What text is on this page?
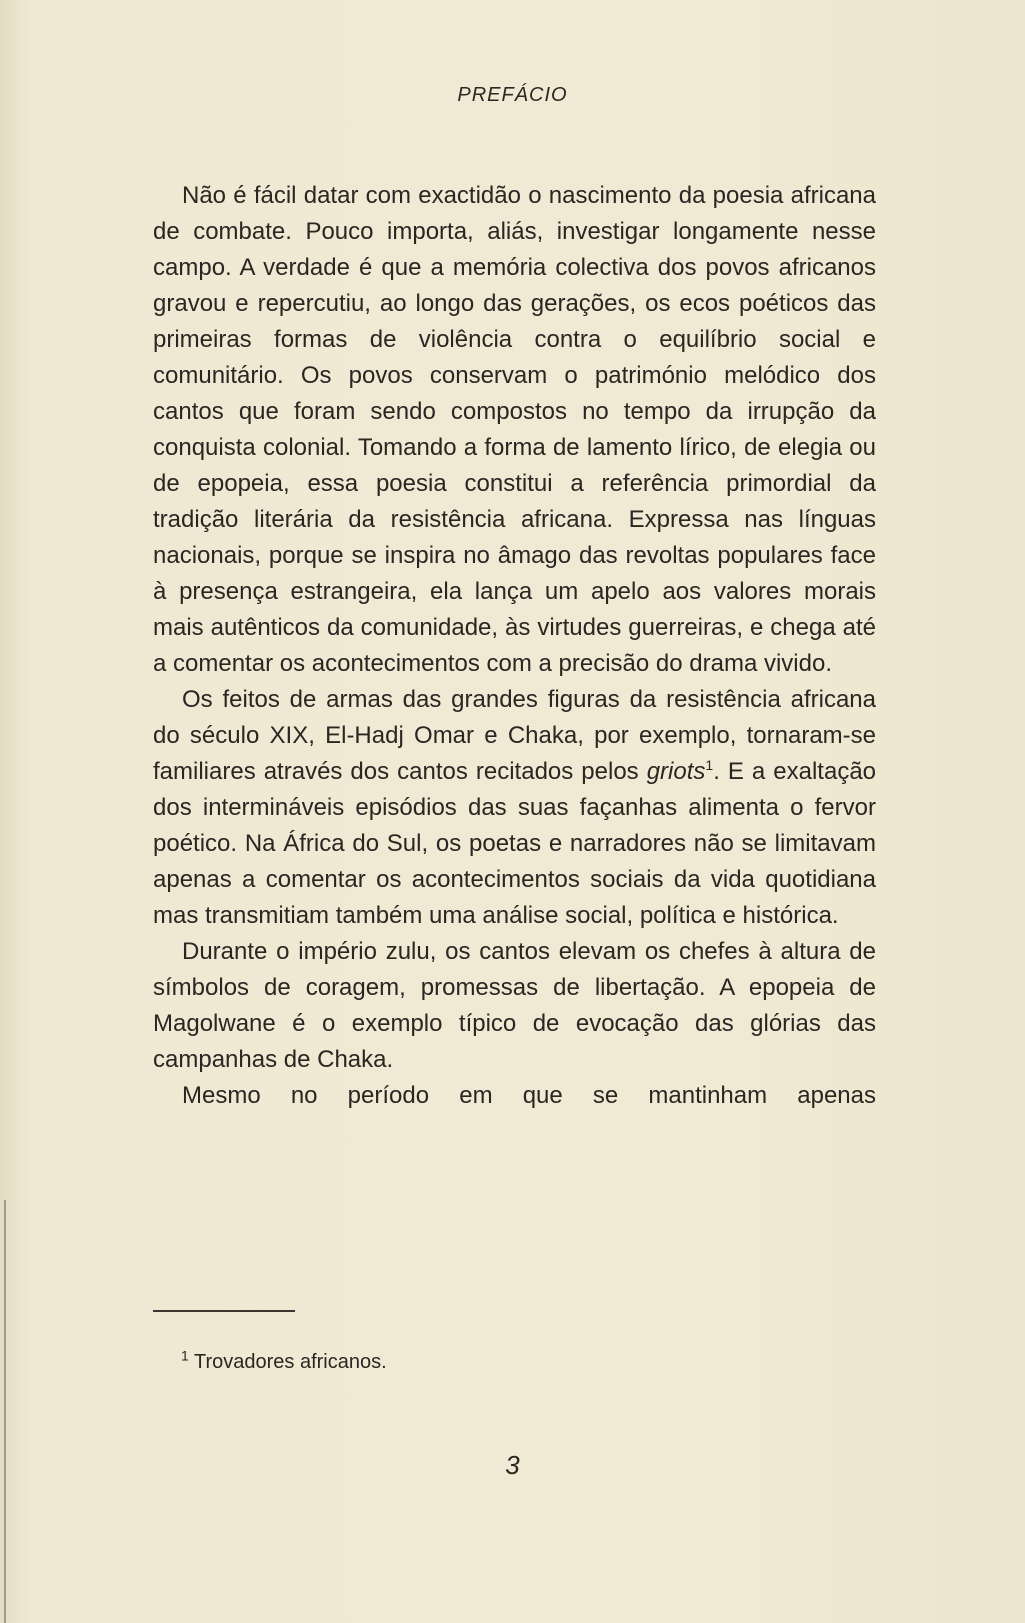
PREFÁCIO

Não é fácil datar com exactidão o nascimento da poesia africana de combate. Pouco importa, aliás, investigar longamente nesse campo. A verdade é que a memória colectiva dos povos africanos gravou e repercutiu, ao longo das gerações, os ecos poéticos das primeiras formas de violência contra o equilíbrio social e comunitário. Os povos conservam o património melódico dos cantos que foram sendo compostos no tempo da irrupção da conquista colonial. Tomando a forma de lamento lírico, de elegia ou de epopeia, essa poesia constitui a referência primordial da tradição literária da resistência africana. Expressa nas línguas nacionais, porque se inspira no âmago das revoltas populares face à presença estrangeira, ela lança um apelo aos valores morais mais autênticos da comunidade, às virtudes guerreiras, e chega até a comentar os acontecimentos com a precisão do drama vivido.

Os feitos de armas das grandes figuras da resistência africana do século XIX, El-Hadj Omar e Chaka, por exemplo, tornaram-se familiares através dos cantos recitados pelos griots$^1$. E a exaltação dos intermináveis episódios das suas façanhas alimenta o fervor poético. Na África do Sul, os poetas e narradores não se limitavam apenas a comentar os acontecimentos sociais da vida quotidiana mas transmitiam também uma análise social, política e histórica.

Durante o império zulu, os cantos elevam os chefes à altura de símbolos de coragem, promessas de libertação. A epopeia de Magolwane é o exemplo típico de evocação das glórias das campanhas de Chaka.

Mesmo no período em que se mantinham apenas

$^1$ Trovadores africanos.
3
